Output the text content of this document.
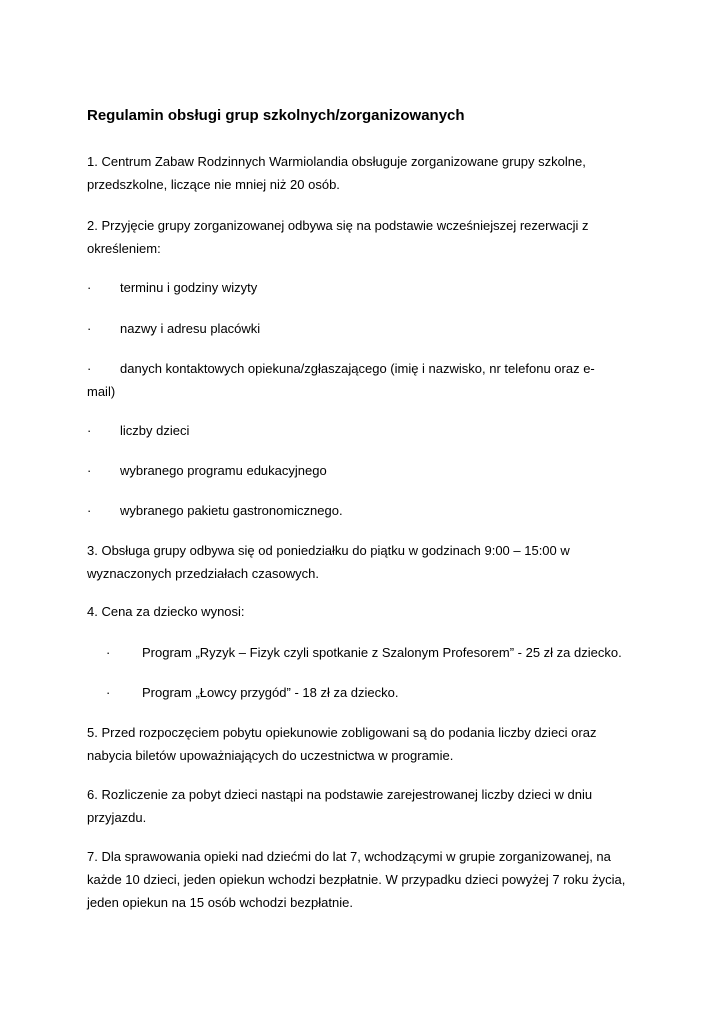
Regulamin obsługi grup szkolnych/zorganizowanych
1. Centrum Zabaw Rodzinnych Warmiolandia obsługuje zorganizowane grupy szkolne, przedszkolne, liczące nie mniej niż 20 osób.
2. Przyjęcie grupy zorganizowanej odbywa się na podstawie wcześniejszej rezerwacji z określeniem:
· terminu i godziny wizyty
· nazwy i adresu placówki
· danych kontaktowych opiekuna/zgłaszającego (imię i nazwisko, nr telefonu oraz e-mail)
· liczby dzieci
· wybranego programu edukacyjnego
· wybranego pakietu gastronomicznego.
3. Obsługa grupy odbywa się od poniedziałku do piątku w godzinach 9:00 – 15:00 w wyznaczonych przedziałach czasowych.
4. Cena za dziecko wynosi:
· Program „Ryzyk – Fizyk czyli spotkanie z Szalonym Profesorem” - 25 zł za dziecko.
· Program „Łowcy przygód” - 18 zł za dziecko.
5. Przed rozpoczęciem pobytu opiekunowie zobligowani są do podania liczby dzieci oraz nabycia biletów upoważniających do uczestnictwa w programie.
6. Rozliczenie za pobyt dzieci nastąpi na podstawie zarejestrowanej liczby dzieci w dniu przyjazdu.
7. Dla sprawowania opieki nad dziećmi do lat 7, wchodzącymi w grupie zorganizowanej, na każde 10 dzieci, jeden opiekun wchodzi bezpłatnie. W przypadku dzieci powyżej 7 roku życia, jeden opiekun na 15 osób wchodzi bezpłatnie.
